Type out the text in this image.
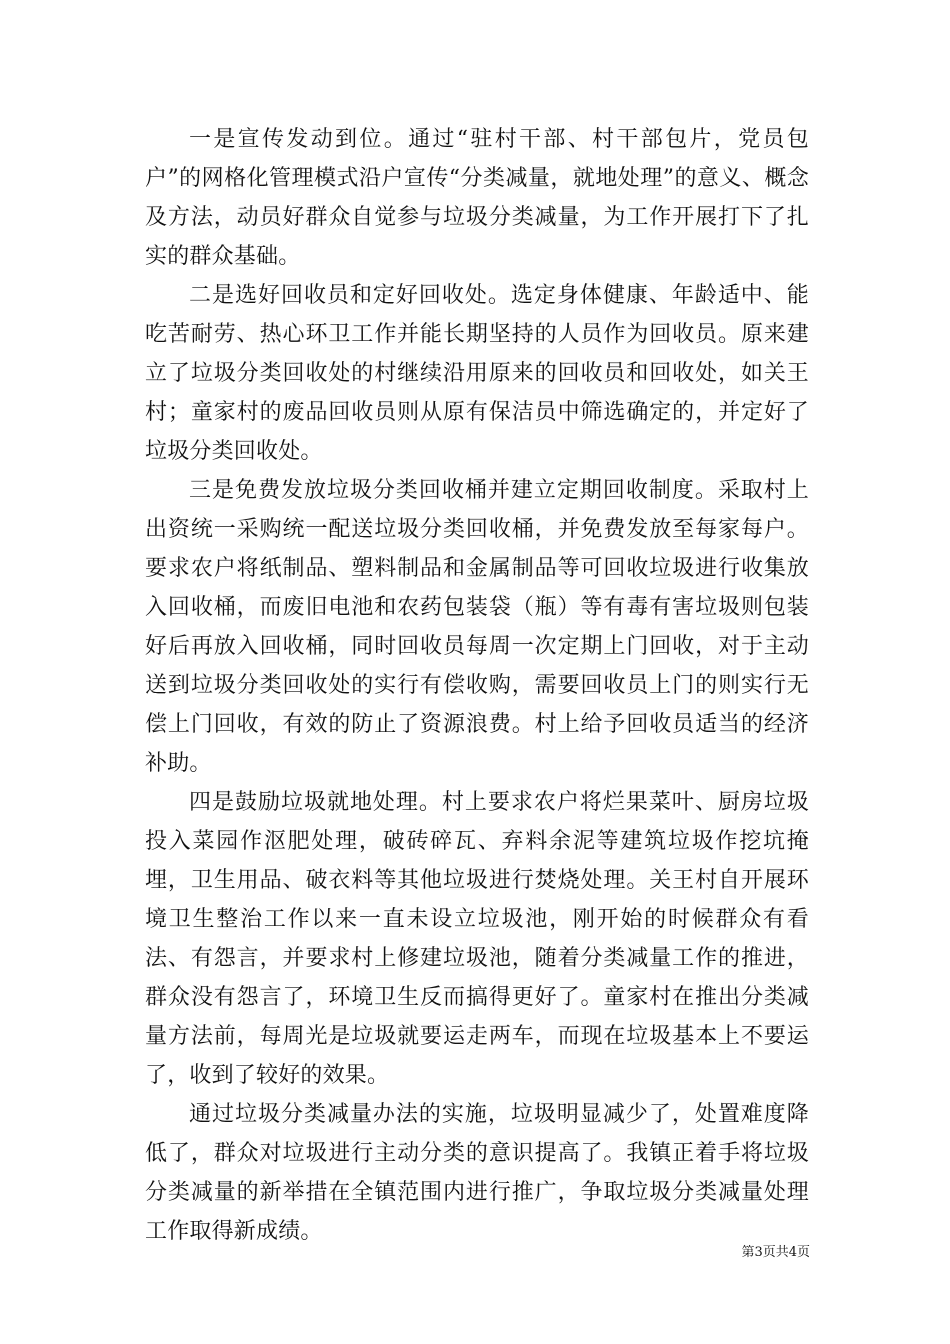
一是宣传发动到位。通过“驻村干部、村干部包片，党员包户”的网格化管理模式沿户宣传“分类减量，就地处理”的意义、概念及方法，动员好群众自觉参与垃圾分类减量，为工作开展打下了扎实的群众基础。

二是选好回收员和定好回收处。选定身体健康、年龄适中、能吃苦耐劳、热心环卫工作并能长期坚持的人员作为回收员。原来建立了垃圾分类回收处的村继续沿用原来的回收员和回收处，如关王村；童家村的废品回收员则从原有保洁员中筛选确定的，并定好了垃圾分类回收处。

三是免费发放垃圾分类回收桶并建立定期回收制度。采取村上出资统一采购统一配送垃圾分类回收桶，并免费发放至每家每户。要求农户将纸制品、塑料制品和金属制品等可回收垃圾进行收集放入回收桶，而废旧电池和农药包装袋（瓶）等有毒有害垃圾则包装好后再放入回收桶，同时回收员每周一次定期上门回收，对于主动送到垃圾分类回收处的实行有偿收购，需要回收员上门的则实行无偿上门回收，有效的防止了资源浪费。村上给予回收员适当的经济补助。

四是鼓励垃圾就地处理。村上要求农户将烂果菜叶、厨房垃圾投入菜园作沤肥处理，破砖碎瓦、弃料余泥等建筑垃圾作挖坑掩埋，卫生用品、破衣料等其他垃圾进行焚烧处理。关王村自开展环境卫生整治工作以来一直未设立垃圾池，刚开始的时候群众有看法、有怨言，并要求村上修建垃圾池，随着分类减量工作的推进，群众没有怨言了，环境卫生反而搞得更好了。童家村在推出分类减量方法前，每周光是垃圾就要运走两车，而现在垃圾基本上不要运了，收到了较好的效果。

通过垃圾分类减量办法的实施，垃圾明显减少了，处置难度降低了，群众对垃圾进行主动分类的意识提高了。我镇正着手将垃圾分类减量的新举措在全镇范围内进行推广，争取垃圾分类减量处理工作取得新成绩。

第3页共4页
